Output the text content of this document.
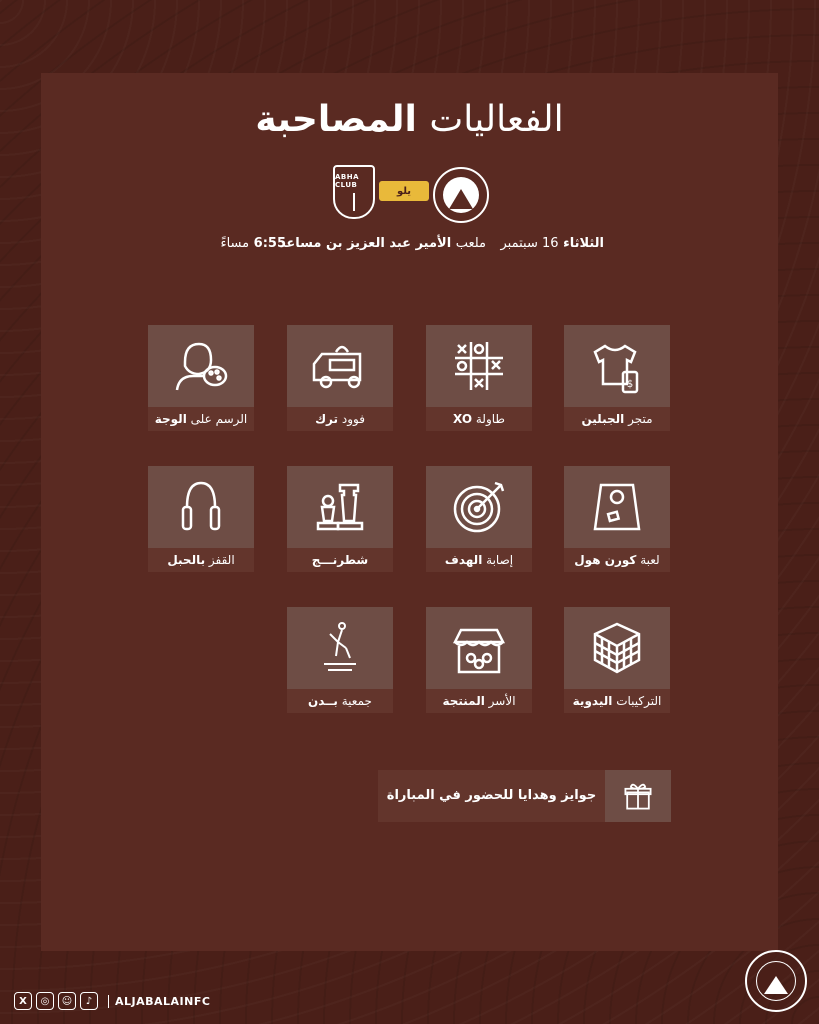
الفعاليات المصاحبة
ABHA CLUB
يلو
الثلاثاء 16 سبتمبر
ملعب الأمير عبد العزيز بن مساعد
6:55 مساءً
$
متجر الجبلين
طاولة XO
فوود ترك
الرسم على الوجة
لعبة كورن هول
إصابة الهدف
شطرنـــج
القفز بالحبل
التركيبات اليدوية
الأسر المنتجة
جمعية بــدن
جوايز وهدايا للحضور في المباراة
X	◎	☺	♪	ALJABALAINFC
